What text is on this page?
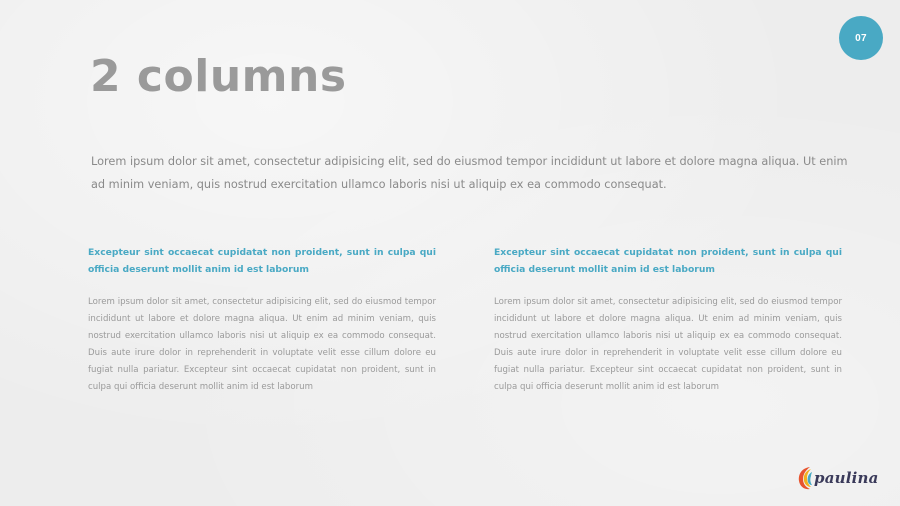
07
2 columns

Lorem ipsum dolor sit amet, consectetur adipisicing elit, sed do eiusmod tempor incididunt ut labore et dolore magna aliqua. Ut enim ad minim veniam, quis nostrud exercitation ullamco laboris nisi ut aliquip ex ea commodo consequat.

Excepteur sint occaecat cupidatat non proident, sunt in culpa qui officia deserunt mollit anim id est laborum

Lorem ipsum dolor sit amet, consectetur adipisicing elit, sed do eiusmod tempor incididunt ut labore et dolore magna aliqua. Ut enim ad minim veniam, quis nostrud exercitation ullamco laboris nisi ut aliquip ex ea commodo consequat. Duis aute irure dolor in reprehenderit in voluptate velit esse cillum dolore eu fugiat nulla pariatur. Excepteur sint occaecat cupidatat non proident, sunt in culpa qui officia deserunt mollit anim id est laborum

Excepteur sint occaecat cupidatat non proident, sunt in culpa qui officia deserunt mollit anim id est laborum

Lorem ipsum dolor sit amet, consectetur adipisicing elit, sed do eiusmod tempor incididunt ut labore et dolore magna aliqua. Ut enim ad minim veniam, quis nostrud exercitation ullamco laboris nisi ut aliquip ex ea commodo consequat. Duis aute irure dolor in reprehenderit in voluptate velit esse cillum dolore eu fugiat nulla pariatur. Excepteur sint occaecat cupidatat non proident, sunt in culpa qui officia deserunt mollit anim id est laborum

paulina
